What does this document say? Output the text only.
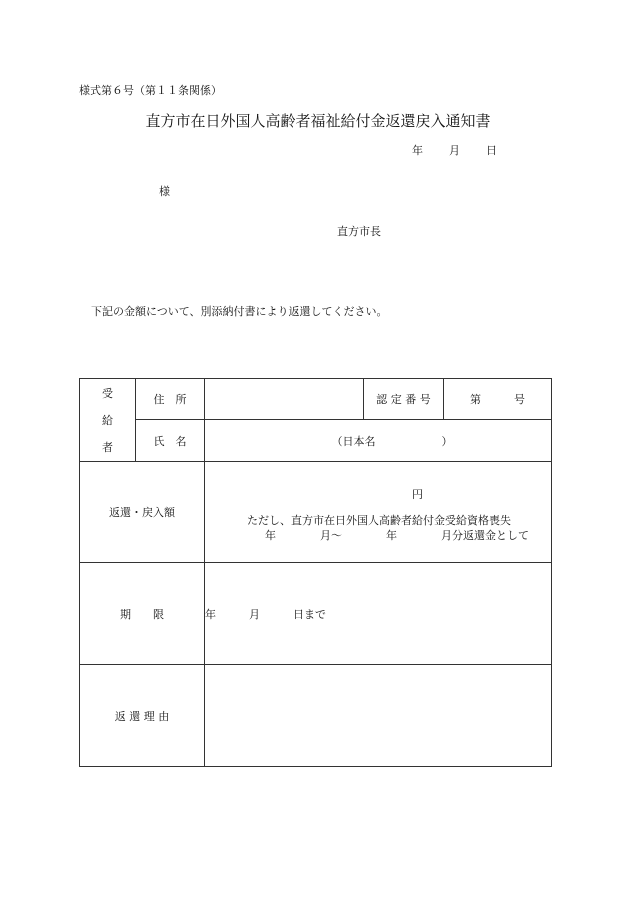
様式第６号（第１１条関係）
直方市在日外国人高齢者福祉給付金返還戻入通知書
年 月 日
様
直方市長
下記の金額について、別添納付書により返還してください。
受
給
者	住　所		認 定 番 号	第　　　号
	氏　名	（日本名　　　　　　）		
返還・戻入額		円
ただし、直方市在日外国人高齢者給付金受給資格喪失
年　　　　月～　　　　年　　　　月分返還金として		

期　　限		年　　　月　　　日まで		
返 還 理 由				
